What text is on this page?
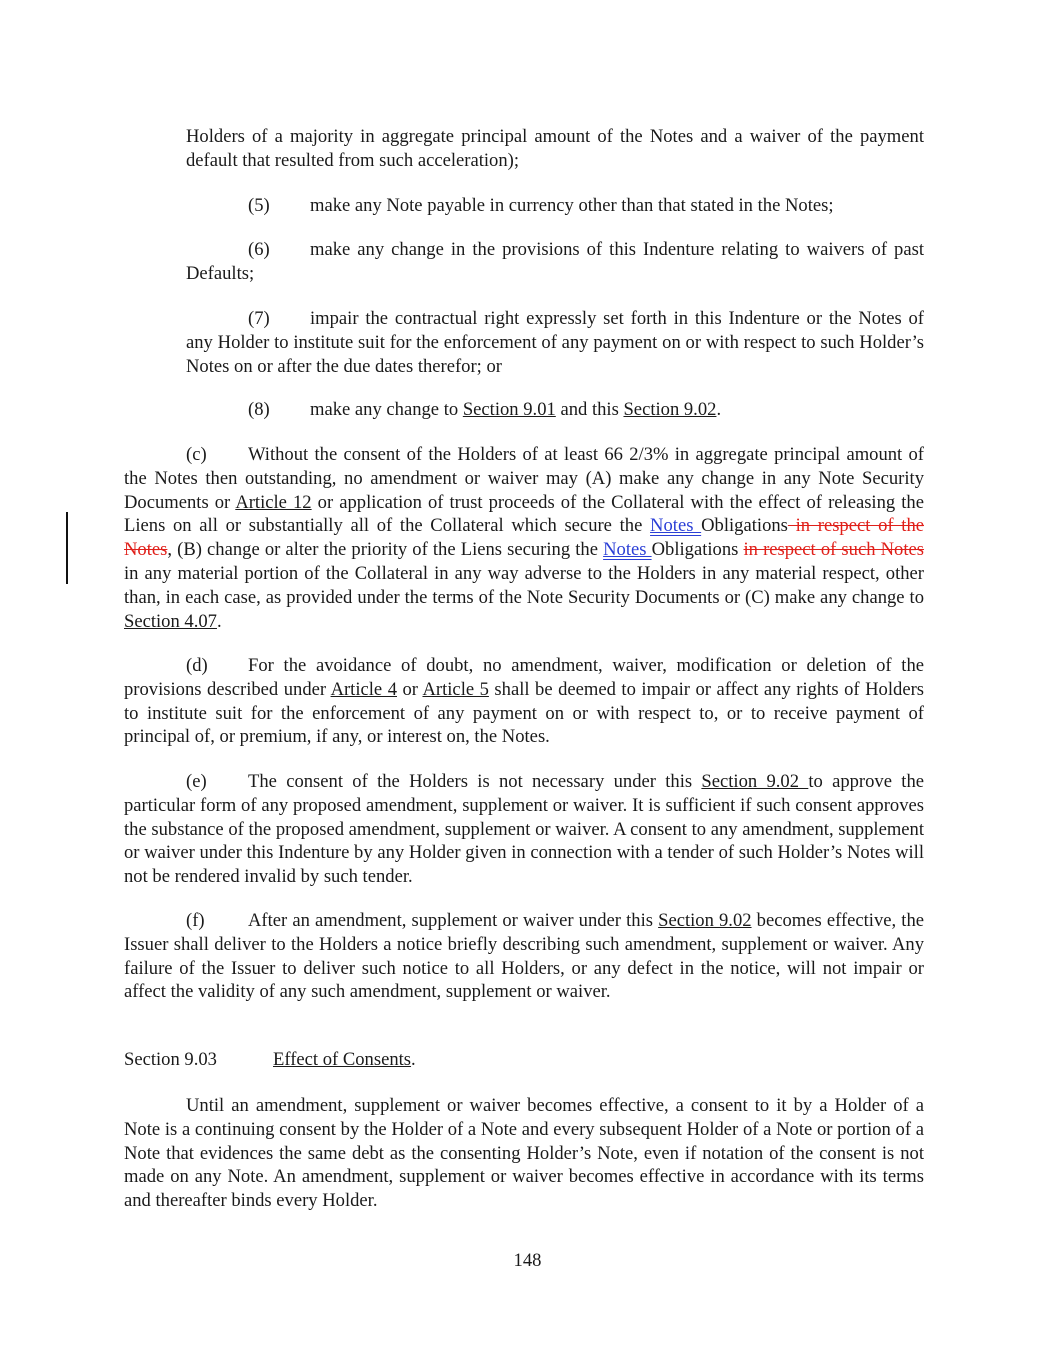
Holders of a majority in aggregate principal amount of the Notes and a waiver of the payment default that resulted from such acceleration);

(5) make any Note payable in currency other than that stated in the Notes;

(6) make any change in the provisions of this Indenture relating to waivers of past Defaults;

(7) impair the contractual right expressly set forth in this Indenture or the Notes of any Holder to institute suit for the enforcement of any payment on or with respect to such Holder’s Notes on or after the due dates therefor; or

(8) make any change to Section 9.01 and this Section 9.02.

(c) Without the consent of the Holders of at least 66 2/3% in aggregate principal amount of the Notes then outstanding, no amendment or waiver may (A) make any change in any Note Security Documents or Article 12 or application of trust proceeds of the Collateral with the effect of releasing the Liens on all or substantially all of the Collateral which secure the Notes Obligations in respect of the Notes, (B) change or alter the priority of the Liens securing the Notes Obligations in respect of such Notes in any material portion of the Collateral in any way adverse to the Holders in any material respect, other than, in each case, as provided under the terms of the Note Security Documents or (C) make any change to Section 4.07.

(d) For the avoidance of doubt, no amendment, waiver, modification or deletion of the provisions described under Article 4 or Article 5 shall be deemed to impair or affect any rights of Holders to institute suit for the enforcement of any payment on or with respect to, or to receive payment of principal of, or premium, if any, or interest on, the Notes.

(e) The consent of the Holders is not necessary under this Section 9.02 to approve the particular form of any proposed amendment, supplement or waiver. It is sufficient if such consent approves the substance of the proposed amendment, supplement or waiver. A consent to any amendment, supplement or waiver under this Indenture by any Holder given in connection with a tender of such Holder’s Notes will not be rendered invalid by such tender.

(f) After an amendment, supplement or waiver under this Section 9.02 becomes effective, the Issuer shall deliver to the Holders a notice briefly describing such amendment, supplement or waiver. Any failure of the Issuer to deliver such notice to all Holders, or any defect in the notice, will not impair or affect the validity of any such amendment, supplement or waiver.

Section 9.03	Effect of Consents.

Until an amendment, supplement or waiver becomes effective, a consent to it by a Holder of a Note is a continuing consent by the Holder of a Note and every subsequent Holder of a Note or portion of a Note that evidences the same debt as the consenting Holder’s Note, even if notation of the consent is not made on any Note. An amendment, supplement or waiver becomes effective in accordance with its terms and thereafter binds every Holder.

148
